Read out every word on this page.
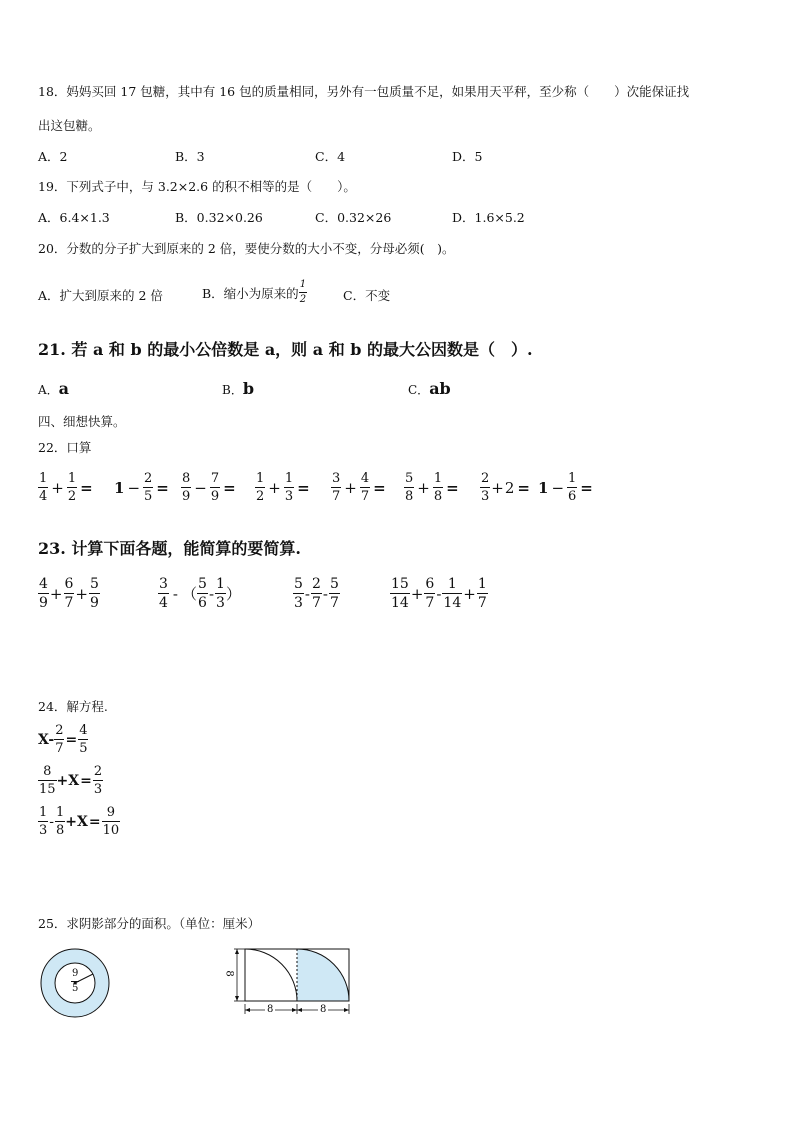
18．妈妈买回 17 包糖，其中有 16 包的质量相同，另外有一包质量不足，如果用天平秤，至少称（　　）次能保证找
出这包糖。
A．2	B．3	C．4	D．5
19．下列式子中，与 3.2×2.6 的积不相等的是（　　）。
A．6.4×1.3	B．0.32×0.26	C．0.32×26	D．1.6×5.2
20．分数的分子扩大到原来的 2 倍，要使分数的大小不变，分母必须(　)。
A．扩大到原来的 2 倍	B．缩小为原来的 $\frac{1}{2}$	C．不变
21. 若 a 和 b 的最小公倍数是 a，则 a 和 b 的最大公因数是（　）.
A．a	B．b	C．ab
四、细想快算。
22．口算
$\frac{1}{4} + \frac{1}{2} = 1 - \frac{2}{5} = \frac{8}{9} - \frac{7}{9} = \frac{1}{2} + \frac{1}{3} = \frac{3}{7} + \frac{4}{7} = \frac{5}{8} + \frac{1}{8} = \frac{2}{3} + 2 = 1 - \frac{1}{6}$ =
23. 计算下面各题，能简算的要简算.
$\frac{4}{9} + \frac{6}{7} + \frac{5}{9}$	$\frac{3}{4}$ - （ $\frac{5}{6} - \frac{1}{3}$ ）	$\frac{5}{3} - \frac{2}{7} - \frac{5}{7}$	$\frac{15}{14} + \frac{6}{7} - \frac{1}{14} + \frac{1}{7}$
24．解方程.
$X- \frac{2}{7} = \frac{4}{5}$
$\frac{8}{15} +X = \frac{2}{3}$
$\frac{1}{3} - \frac{1}{8} +X = \frac{9}{10}$
25．求阴影部分的面积。（单位：厘米）
$\frac{9}{5}$	8
8	8
